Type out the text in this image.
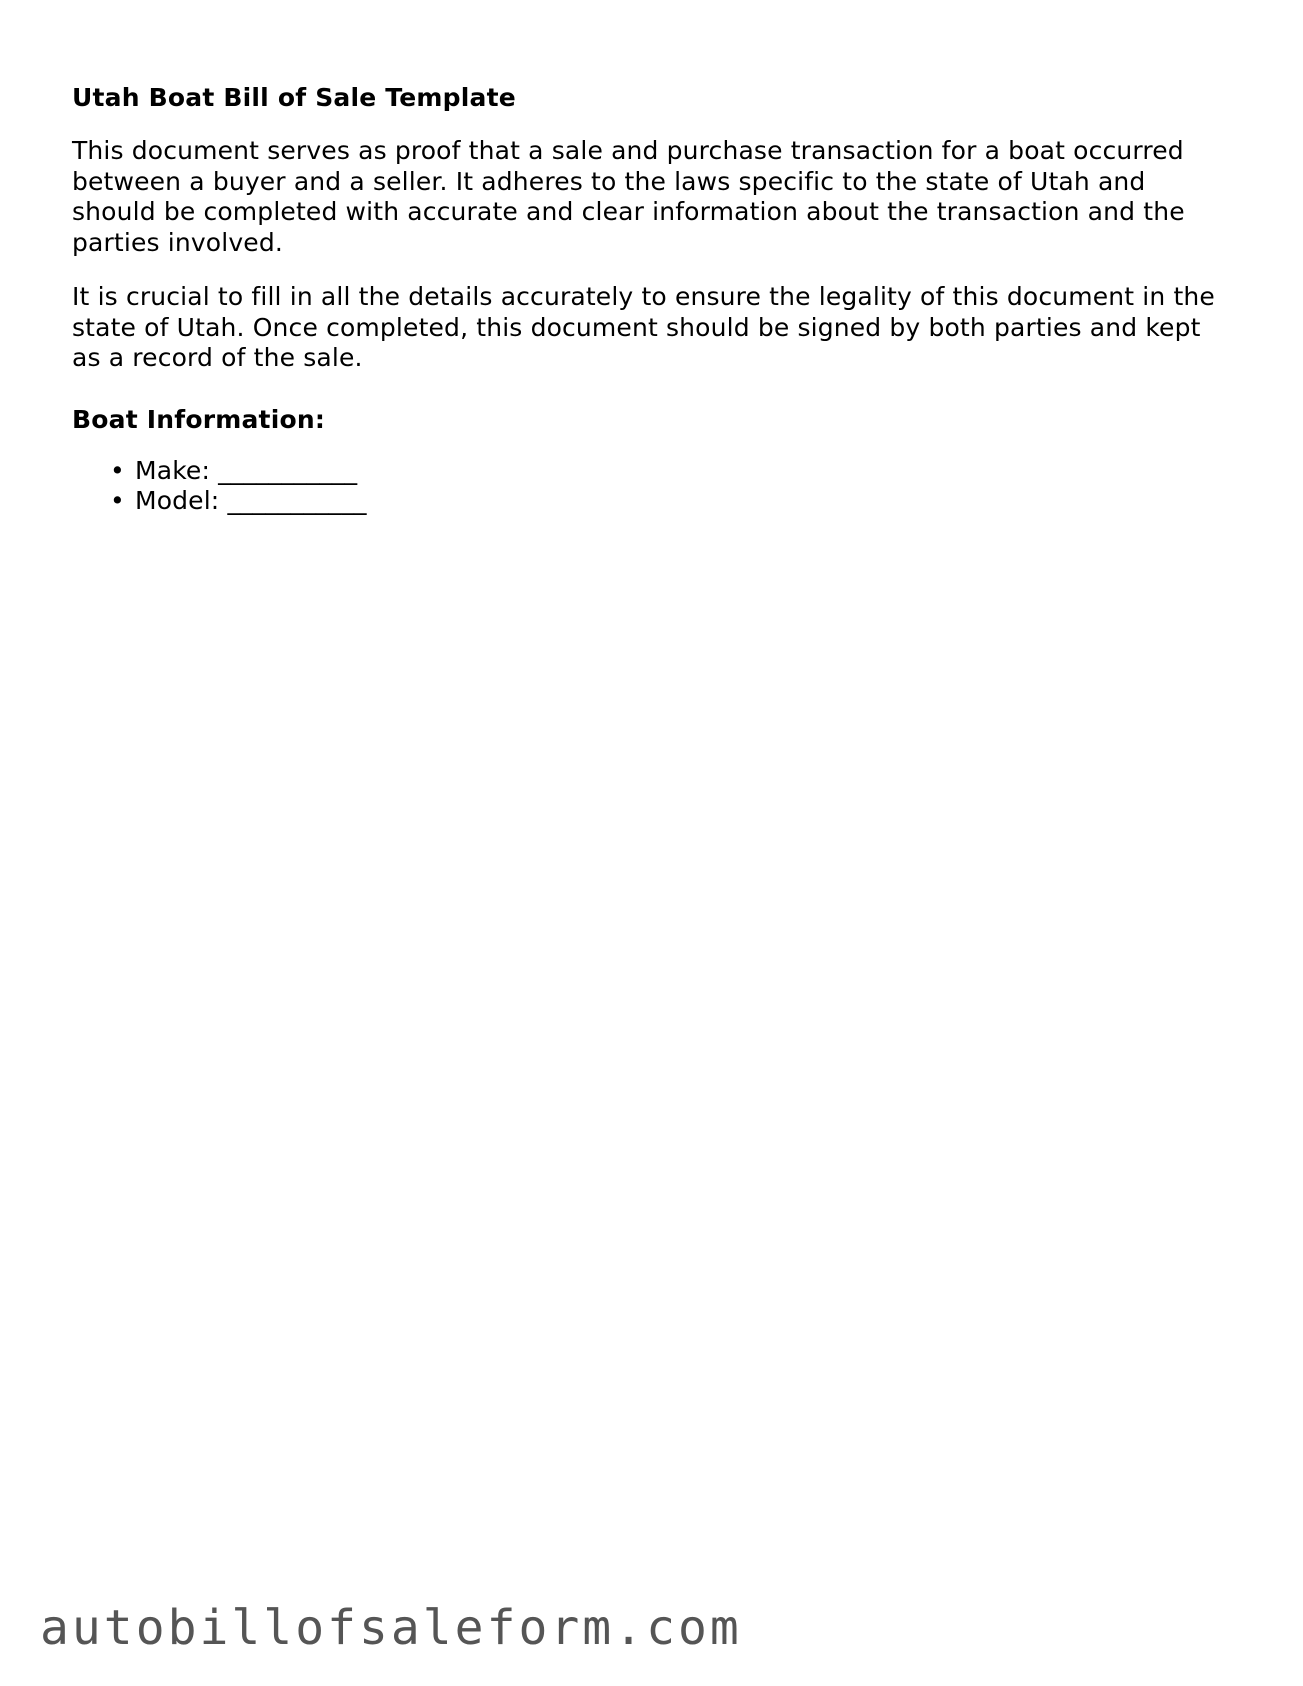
Utah Boat Bill of Sale Template

This document serves as proof that a sale and purchase transaction for a boat occurred between a buyer and a seller. It adheres to the laws specific to the state of Utah and should be completed with accurate and clear information about the transaction and the parties involved.

It is crucial to fill in all the details accurately to ensure the legality of this document in the state of Utah. Once completed, this document should be signed by both parties and kept as a record of the sale.

Boat Information:
• Make: ___________
• Model: ___________
autobillofsaleform.com
